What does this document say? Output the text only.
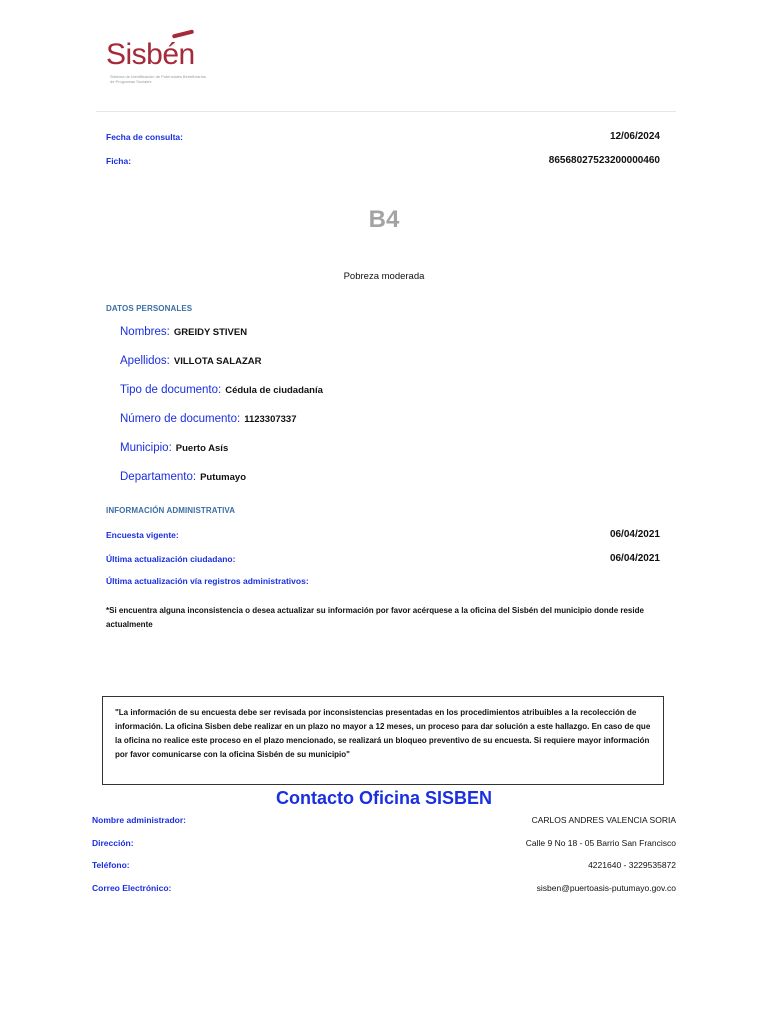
Sisbén
Sistema de Identificación de Potenciales Beneficiarios de Programas Sociales
Fecha de consulta:	12/06/2024
Ficha:	86568027523200000460
B4
Pobreza moderada
DATOS PERSONALES
Nombres: GREIDY STIVEN
Apellidos: VILLOTA SALAZAR
Tipo de documento: Cédula de ciudadanía
Número de documento: 1123307337
Municipio: Puerto Asís
Departamento: Putumayo
INFORMACIÓN ADMINISTRATIVA
Encuesta vigente:	06/04/2021
Última actualización ciudadano:	06/04/2021
Última actualización vía registros administrativos:
*Si encuentra alguna inconsistencia o desea actualizar su información por favor acérquese a la oficina del Sisbén del municipio donde reside actualmente
"La información de su encuesta debe ser revisada por inconsistencias presentadas en los procedimientos atribuibles a la recolección de información. La oficina Sisben debe realizar en un plazo no mayor a 12 meses, un proceso para dar solución a este hallazgo. En caso de que la oficina no realice este proceso en el plazo mencionado, se realizará un bloqueo preventivo de su encuesta. Si requiere mayor información por favor comunicarse con la oficina Sisbén de su municipio"
Contacto Oficina SISBEN
Nombre administrador:	CARLOS ANDRES VALENCIA SORIA
Dirección:	Calle 9 No 18 - 05 Barrio San Francisco
Teléfono:	4221640 - 3229535872
Correo Electrónico:	sisben@puertoasis-putumayo.gov.co
